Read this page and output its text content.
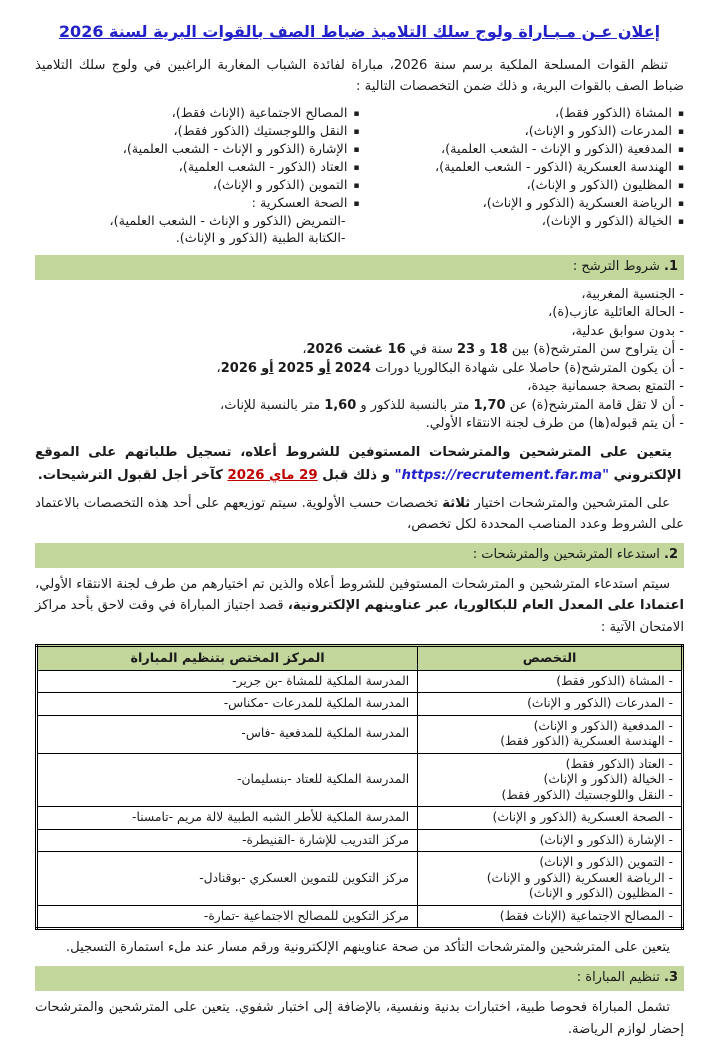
إعلان عـن مـبـاراة ولوج سلك التلاميذ ضباط الصف بالقوات البرية لسنة 2026

تنظم القوات المسلحة الملكية برسم سنة 2026، مباراة لفائدة الشباب المغاربة الراغبين في ولوج سلك التلاميذ ضباط الصف بالقوات البرية، و ذلك ضمن التخصصات التالية :

▪ المشاة (الذكور فقط)،
▪ المدرعات (الذكور و الإناث)،
▪ المدفعية (الذكور و الإناث - الشعب العلمية)،
▪ الهندسة العسكرية (الذكور - الشعب العلمية)،
▪ المظليون (الذكور و الإناث)،
▪ الرياضة العسكرية (الذكور و الإناث)،
▪ الخيالة (الذكور و الإناث)،
▪ المصالح الاجتماعية (الإناث فقط)،
▪ النقل واللوجستيك (الذكور فقط)،
▪ الإشارة (الذكور و الإناث - الشعب العلمية)،
▪ العتاد (الذكور - الشعب العلمية)،
▪ التموين (الذكور و الإناث)،
▪ الصحة العسكرية :
-التمريض (الذكور و الإناث - الشعب العلمية)،
-الكتابة الطبية (الذكور و الإناث).
1. شروط الترشح :
- الجنسية المغربية،
- الحالة العائلية عازب(ة)،
- بدون سوابق عدلية،
- أن يتراوح سن المترشح(ة) بين 18 و 23 سنة في 16 غشت 2026،
- أن يكون المترشح(ة) حاصلا على شهادة البكالوريا دورات 2024 أو 2025 أو 2026،
- التمتع بصحة جسمانية جيدة،
- أن لا تقل قامة المترشح(ة) عن 1,70 متر بالنسبة للذكور و 1,60 متر بالنسبة للإناث،
- أن يتم قبوله(ها) من طرف لجنة الانتقاء الأولي.

يتعين على المترشحين والمترشحات المستوفين للشروط أعلاه، تسجيل طلباتهم على الموقع الإلكتروني "https://recrutement.far.ma" و ذلك قبل 29 ماي 2026 كآخر أجل لقبول الترشيحات.

على المترشحين والمترشحات اختيار ثلاثة تخصصات حسب الأولوية. سيتم توزيعهم على أحد هذه التخصصات بالاعتماد على الشروط وعدد المناصب المحددة لكل تخصص،

2. استدعاء المترشحين والمترشحات :

سيتم استدعاء المترشحين و المترشحات المستوفين للشروط أعلاه والذين تم اختيارهم من طرف لجنة الانتقاء الأولي، اعتمادا على المعدل العام للبكالوريا، عبر عناوينهم الإلكترونية، قصد اجتياز المباراة في وقت لاحق بأحد مراكز الامتحان الآتية :

التخصص	المركز المختص بتنظيم المباراة

- المشاة (الذكور فقط)	المدرسة الملكية للمشاة -بن جرير-

- المدرعات (الذكور و الإناث)	المدرسة الملكية للمدرعات -مكناس-

- المدفعية (الذكور و الإناث)
- الهندسة العسكرية (الذكور فقط)	المدرسة الملكية للمدفعية -فاس-

- العتاد (الذكور فقط)
- الخيالة (الذكور و الإناث)
- النقل واللوجستيك (الذكور فقط)	المدرسة الملكية للعتاد -بنسليمان-

- الصحة العسكرية (الذكور و الإناث)	المدرسة الملكية للأطر الشبه الطبية لالة مريم -تامسنا-

- الإشارة (الذكور و الإناث)	مركز التدريب للإشارة -القنيطرة-

- التموين (الذكور و الإناث)
- الرياضة العسكرية (الذكور و الإناث)
- المظليون (الذكور و الإناث)	مركز التكوين للتموين العسكري -بوقنادل-

- المصالح الاجتماعية (الإناث فقط)	مركز التكوين للمصالح الاجتماعية -تمارة-

يتعين على المترشحين والمترشحات التأكد من صحة عناوينهم الإلكترونية ورقم مسار عند ملء استمارة التسجيل.

3. تنظيم المباراة :

تشمل المباراة فحوصا طبية، اختبارات بدنية ونفسية، بالإضافة إلى اختبار شفوي. يتعين على المترشحين والمترشحات إحضار لوازم الرياضة.
